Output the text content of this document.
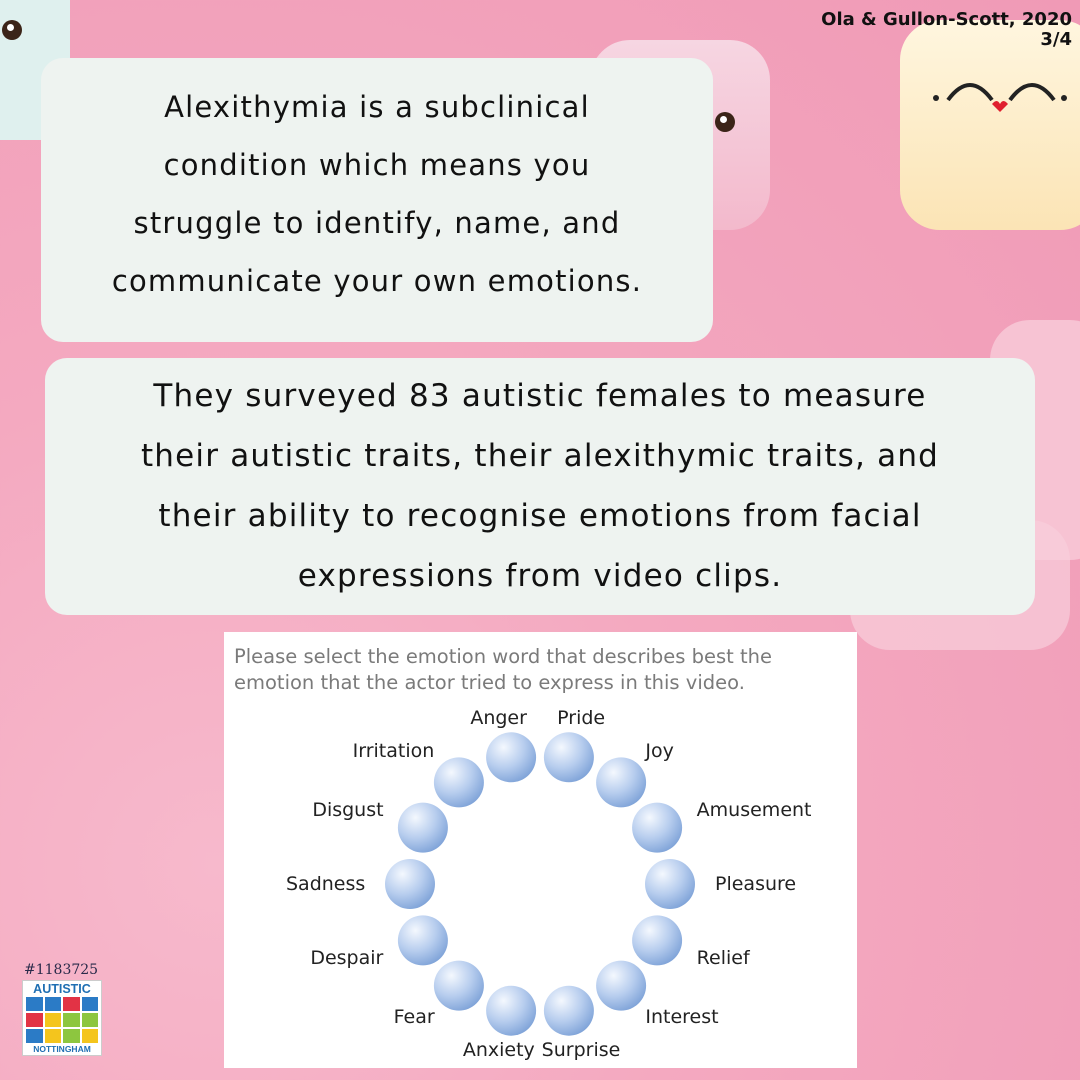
Ola & Gullon-Scott, 2020
3/4

Alexithymia is a subclinical

condition which means you

struggle to identify, name, and

communicate your own emotions.

They surveyed 83 autistic females to measure

their autistic traits, their alexithymic traits, and

their ability to recognise emotions from facial

expressions from video clips.

Please select the emotion word that describes best the
emotion that the actor tried to express in this video.

Anger Pride
Joy
Amusement
Pleasure
Relief
Interest
Surprise
Anxiety
Fear
Despair
Sadness
Disgust
Irritation

#1183725

AUTISTIC
NOTTINGHAM
